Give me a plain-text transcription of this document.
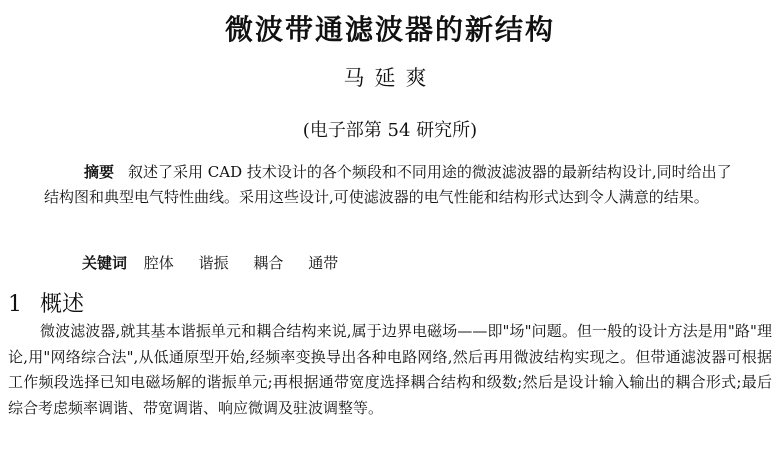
微波带通滤波器的新结构
马延爽
(电子部第 54 研究所)
摘要 叙述了采用 CAD 技术设计的各个频段和不同用途的微波滤波器的最新结构设计,同时给出了结构图和典型电气特性曲线。采用这些设计,可使滤波器的电气性能和结构形式达到令人满意的结果。
关键词 腔体 谐振 耦合 通带
1 概述
微波滤波器,就其基本谐振单元和耦合结构来说,属于边界电磁场——即"场"问题。但一般的设计方法是用"路"理论,用"网络综合法",从低通原型开始,经频率变换导出各种电路网络,然后再用微波结构实现之。但带通滤波器可根据工作频段选择已知电磁场解的谐振单元;再根据通带宽度选择耦合结构和级数;然后是设计输入输出的耦合形式;最后综合考虑频率调谐、带宽调谐、响应微调及驻波调整等。
